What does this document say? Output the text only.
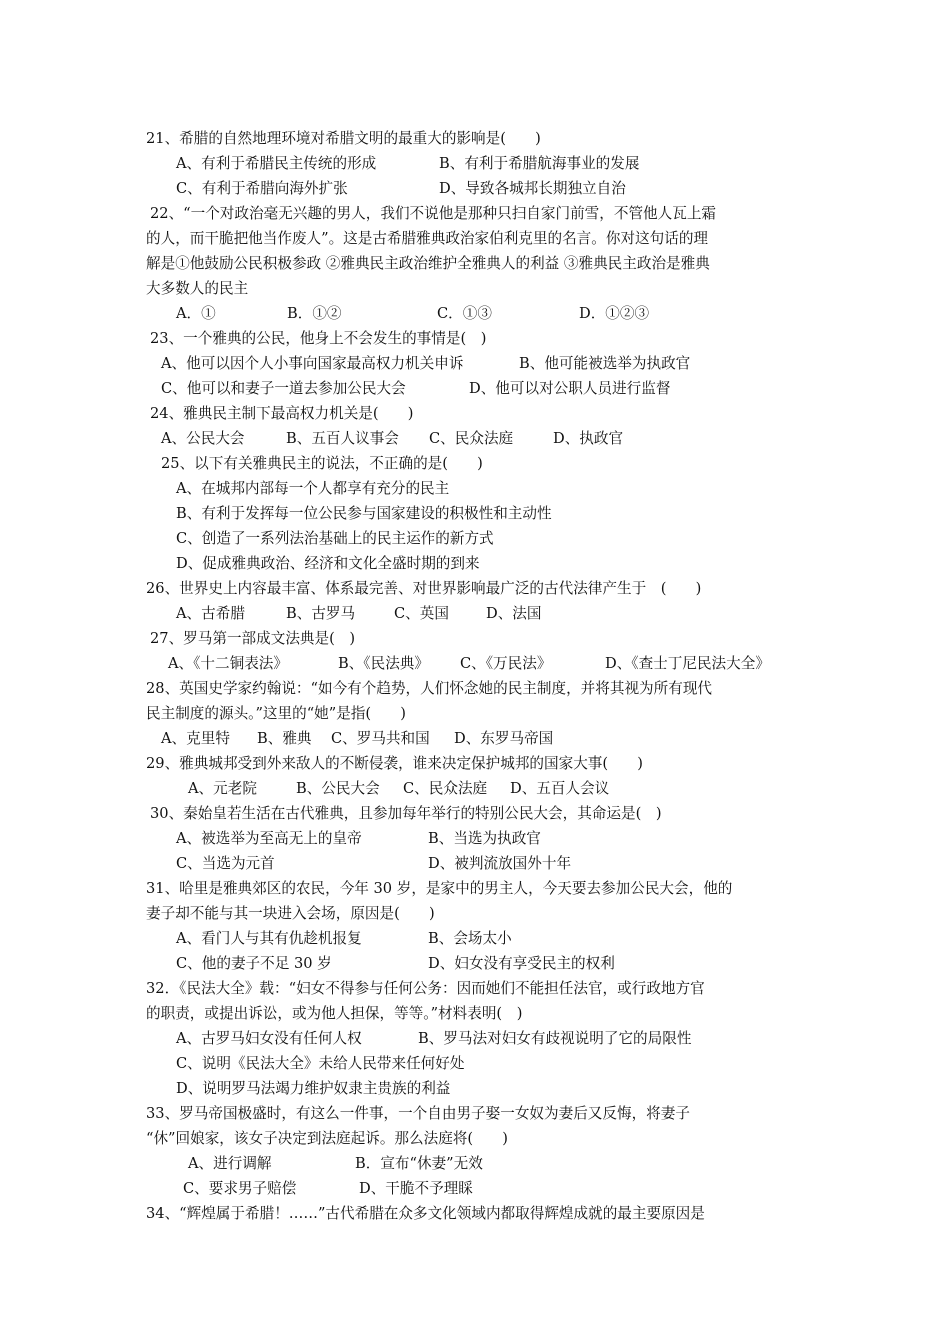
21、希腊的自然地理环境对希腊文明的最重大的影响是(　　)
A、有利于希腊民主传统的形成	B、有利于希腊航海事业的发展
C、有利于希腊向海外扩张	D、导致各城邦长期独立自治
22、“一个对政治毫无兴趣的男人，我们不说他是那种只扫自家门前雪，不管他人瓦上霜
的人，而干脆把他当作废人”。这是古希腊雅典政治家伯利克里的名言。你对这句话的理
解是①他鼓励公民积极参政 ②雅典民主政治维护全雅典人的利益 ③雅典民主政治是雅典
大多数人的民主
A．①	B．①②	C．①③	D．①②③
23、一个雅典的公民，他身上不会发生的事情是(　)
A、他可以因个人小事向国家最高权力机关申诉	B、他可能被选举为执政官
C、他可以和妻子一道去参加公民大会	D、他可以对公职人员进行监督
24、雅典民主制下最高权力机关是(　　)
A、公民大会	B、五百人议事会 C、民众法庭	D、执政官
25、以下有关雅典民主的说法，不正确的是(　　)
A、在城邦内部每一个人都享有充分的民主
B、有利于发挥每一位公民参与国家建设的积极性和主动性
C、创造了一系列法治基础上的民主运作的新方式
D、促成雅典政治、经济和文化全盛时期的到来
26、世界史上内容最丰富、体系最完善、对世界影响最广泛的古代法律产生于　(　　)
A、古希腊	B、古罗马	C、英国	D、法国
27、罗马第一部成文法典是(　)
A、《十二铜表法》	B、《民法典》 C、《万民法》	D、《查士丁尼民法大全》
28、英国史学家约翰说：“如今有个趋势，人们怀念她的民主制度，并将其视为所有现代
民主制度的源头。”这里的“她”是指(　　)
A、克里特 B、雅典 C、罗马共和国 D、东罗马帝国
29、雅典城邦受到外来敌人的不断侵袭，谁来决定保护城邦的国家大事(　　)
A、元老院	B、公民大会 C、民众法庭 D、五百人会议
30、秦始皇若生活在古代雅典，且参加每年举行的特别公民大会，其命运是(　)
A、被选举为至高无上的皇帝	B、当选为执政官
C、当选为元首	D、被判流放国外十年
31、哈里是雅典郊区的农民，今年 30 岁，是家中的男主人，今天要去参加公民大会，他的
妻子却不能与其一块进入会场，原因是(　　)
A、看门人与其有仇趁机报复	B、会场太小
C、他的妻子不足 30 岁	D、妇女没有享受民主的权利
32．《民法大全》载：“妇女不得参与任何公务：因而她们不能担任法官，或行政地方官
的职责，或提出诉讼，或为他人担保，等等。”材料表明(　)
A、古罗马妇女没有任何人权	B、罗马法对妇女有歧视说明了它的局限性
C、说明《民法大全》未给人民带来任何好处
D、说明罗马法竭力维护奴隶主贵族的利益
33、罗马帝国极盛时，有这么一件事，一个自由男子娶一女奴为妻后又反悔，将妻子
“休”回娘家，该女子决定到法庭起诉。那么法庭将(　　)
A、进行调解	B．宣布“休妻”无效
C、要求男子赔偿	D、干脆不予理睬
34、“辉煌属于希腊！……”古代希腊在众多文化领域内都取得辉煌成就的最主要原因是
